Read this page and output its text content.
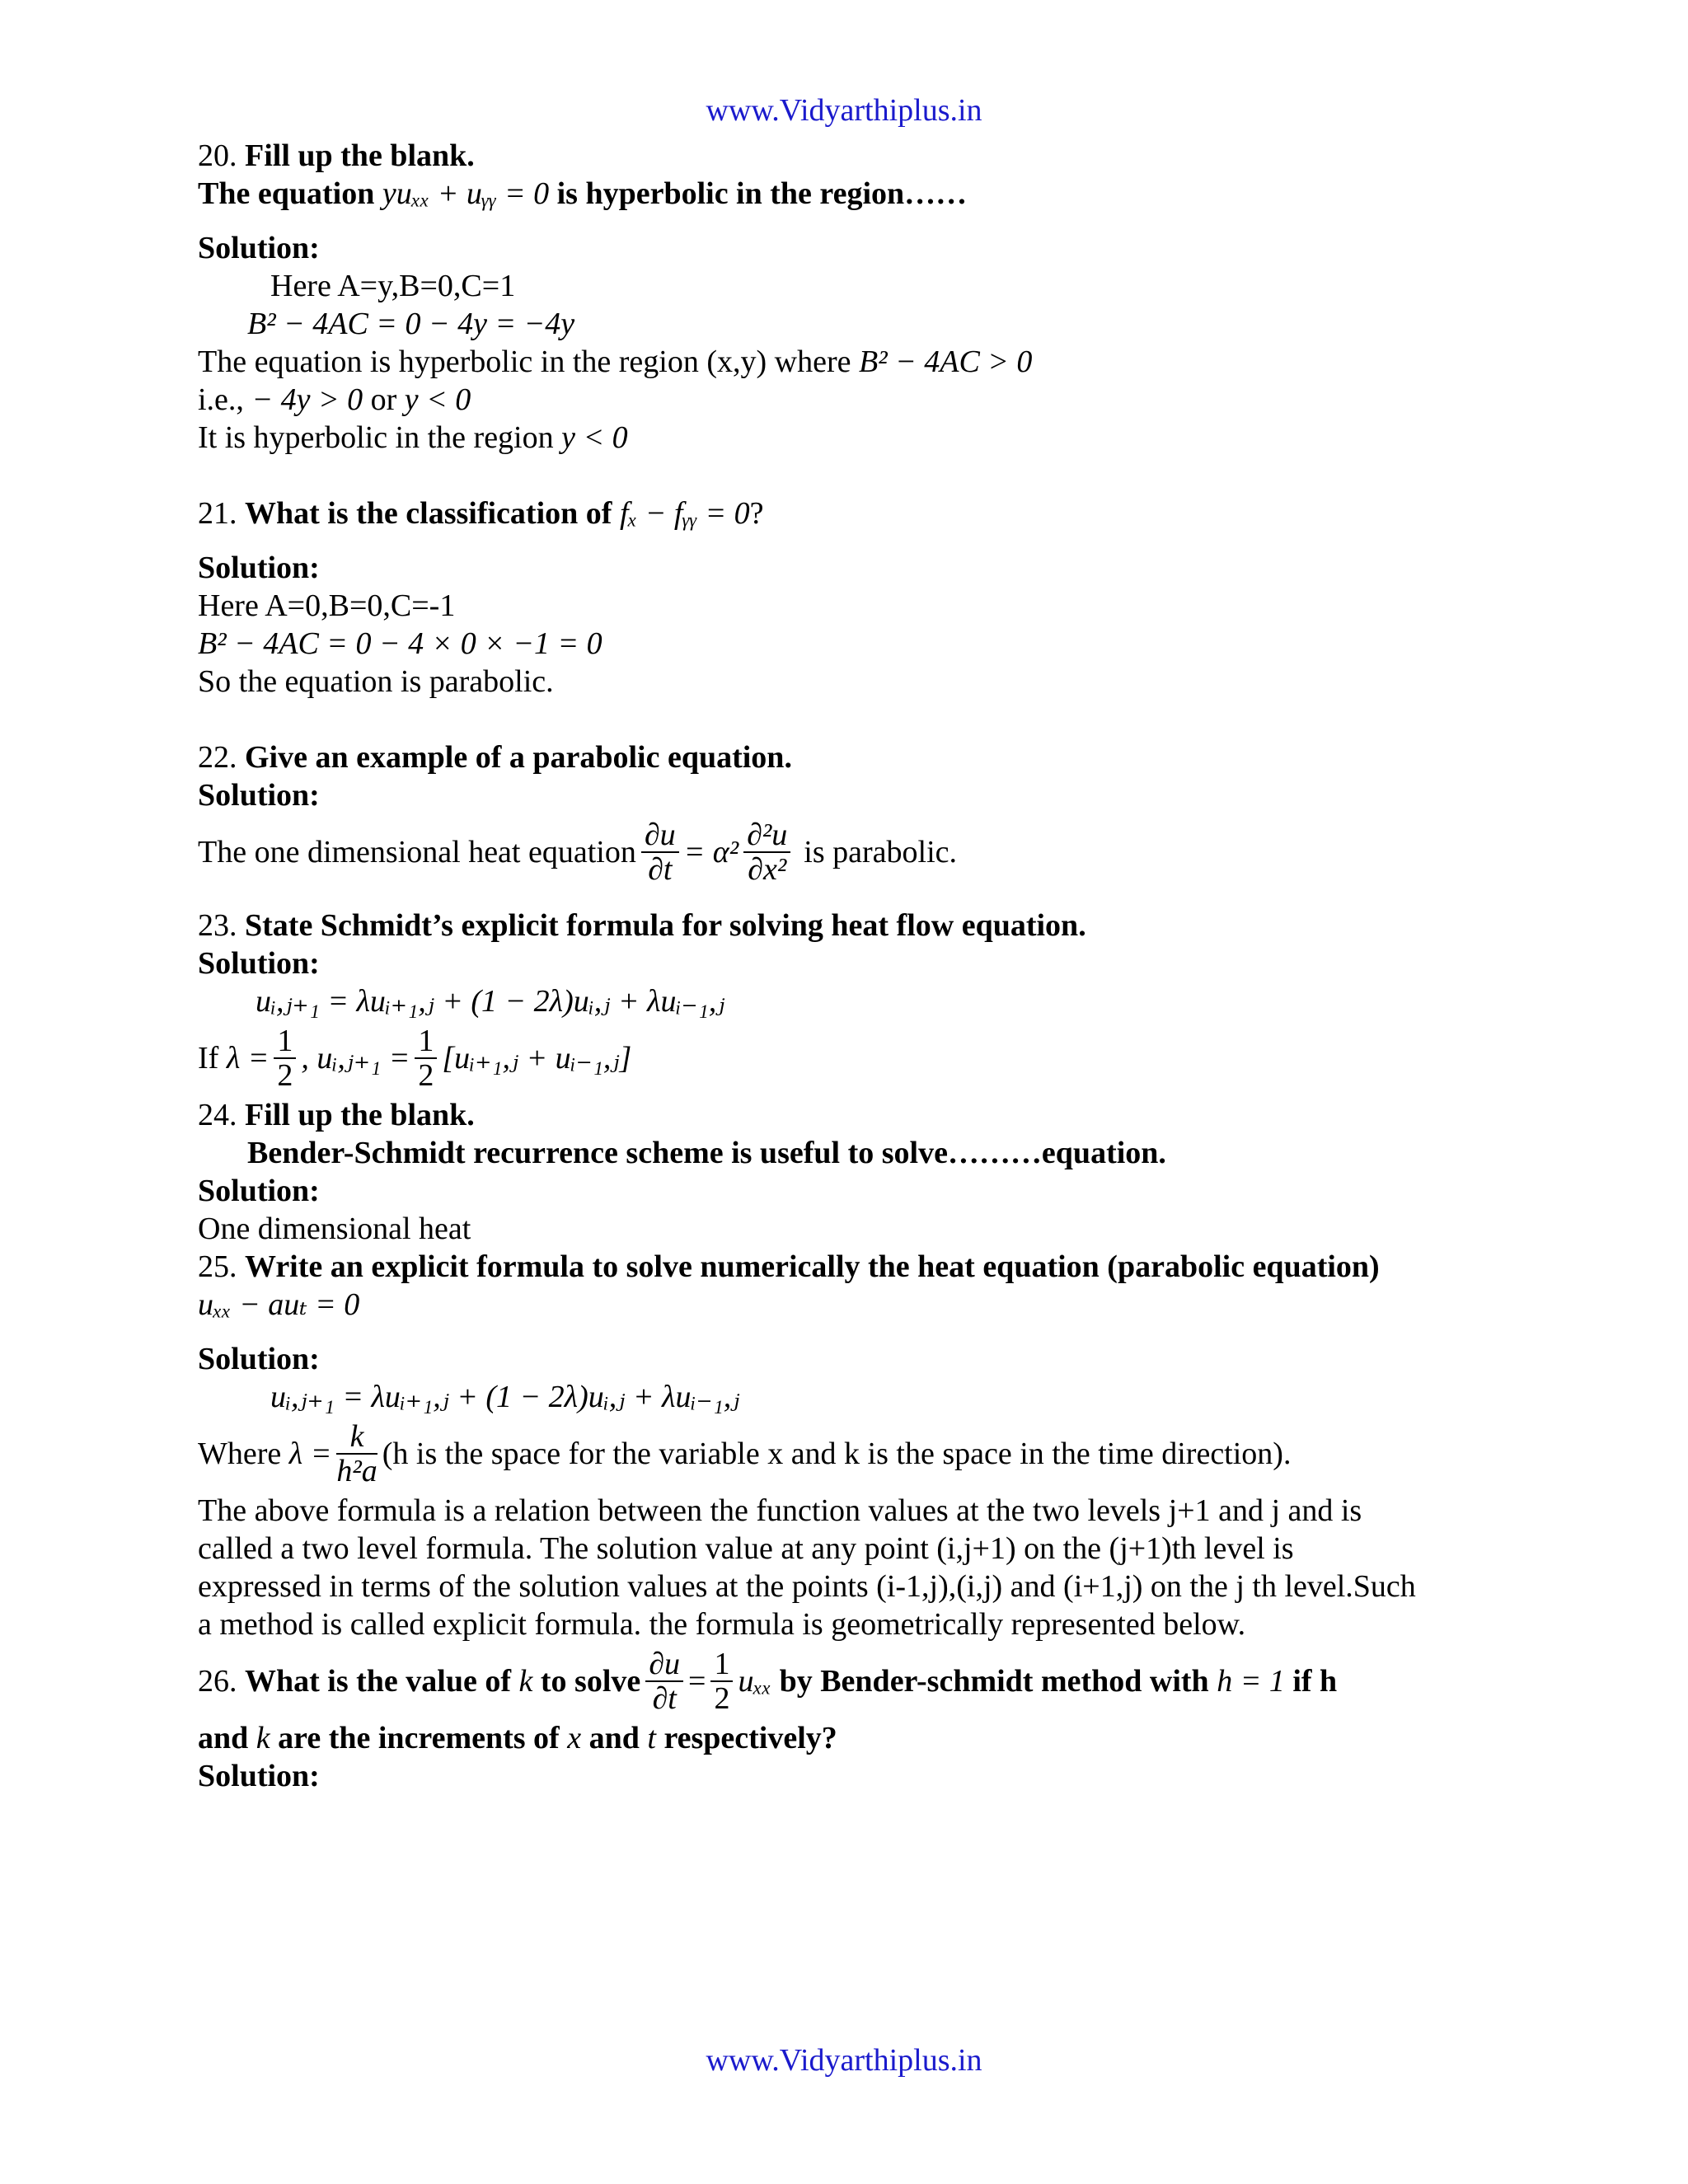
www.Vidyarthiplus.in
20. Fill up the blank.
The equation yuₓₓ + uᵧᵧ = 0 is hyperbolic in the region……
Solution:
Here A=y,B=0,C=1
B² − 4AC = 0 − 4y = −4y
The equation is hyperbolic in the region (x,y) where B² − 4AC > 0
i.e., − 4y > 0 or y < 0
It is hyperbolic in the region y < 0
21. What is the classification of fₓ − fᵧᵧ = 0?
Solution:
Here A=0,B=0,C=-1
B² − 4AC = 0 − 4 × 0 × −1 = 0
So the equation is parabolic.
22. Give an example of a parabolic equation.
Solution:
The one dimensional heat equation $\frac{\partial u}{\partial t} = \alpha^2 \frac{\text{∂²u}}{\text{∂x²}}$ is parabolic.
23. State Schmidt’s explicit formula for solving heat flow equation.
Solution:
uᵢ,ⱼ₊₁ = λuᵢ₊₁,ⱼ + (1 − 2λ)uᵢ,ⱼ + λuᵢ₋₁,ⱼ
If
$\lambda = \frac{1}{2}$ , uᵢ,ⱼ₊₁ = $\frac{1}{2}$ [uᵢ₊₁,ⱼ + uᵢ₋₁,ⱼ]
24. Fill up the blank.
Bender-Schmidt recurrence scheme is useful to solve………equation.
Solution:
One dimensional heat
25. Write an explicit formula to solve numerically the heat equation (parabolic equation)
uₓₓ − auₜ = 0
Solution:
uᵢ,ⱼ₊₁ = λuᵢ₊₁,ⱼ + (1 − 2λ)uᵢ,ⱼ + λuᵢ₋₁,ⱼ
Where
$\lambda = \frac{k}{\text{h²a}} (h$ is the space for the variable x and k is the space in the time direction).
The above formula is a relation between the function values at the two levels j+1 and j and is
called a two level formula. The solution value at any point (i,j+1) on the (j+1)th level is
expressed in terms of the solution values at the points (i-1,j),(i,j) and (i+1,j) on the j th level.Such
a method is called explicit formula. the formula is geometrically represented below.
26.
What is the value of
k
to solve $\frac{\partial u}{\partial t} = \frac{1}{2}$ uₓₓ
by Bender-schmidt method with
h = 1
if h
and k are the increments of x and t respectively?
Solution:
www.Vidyarthiplus.in
